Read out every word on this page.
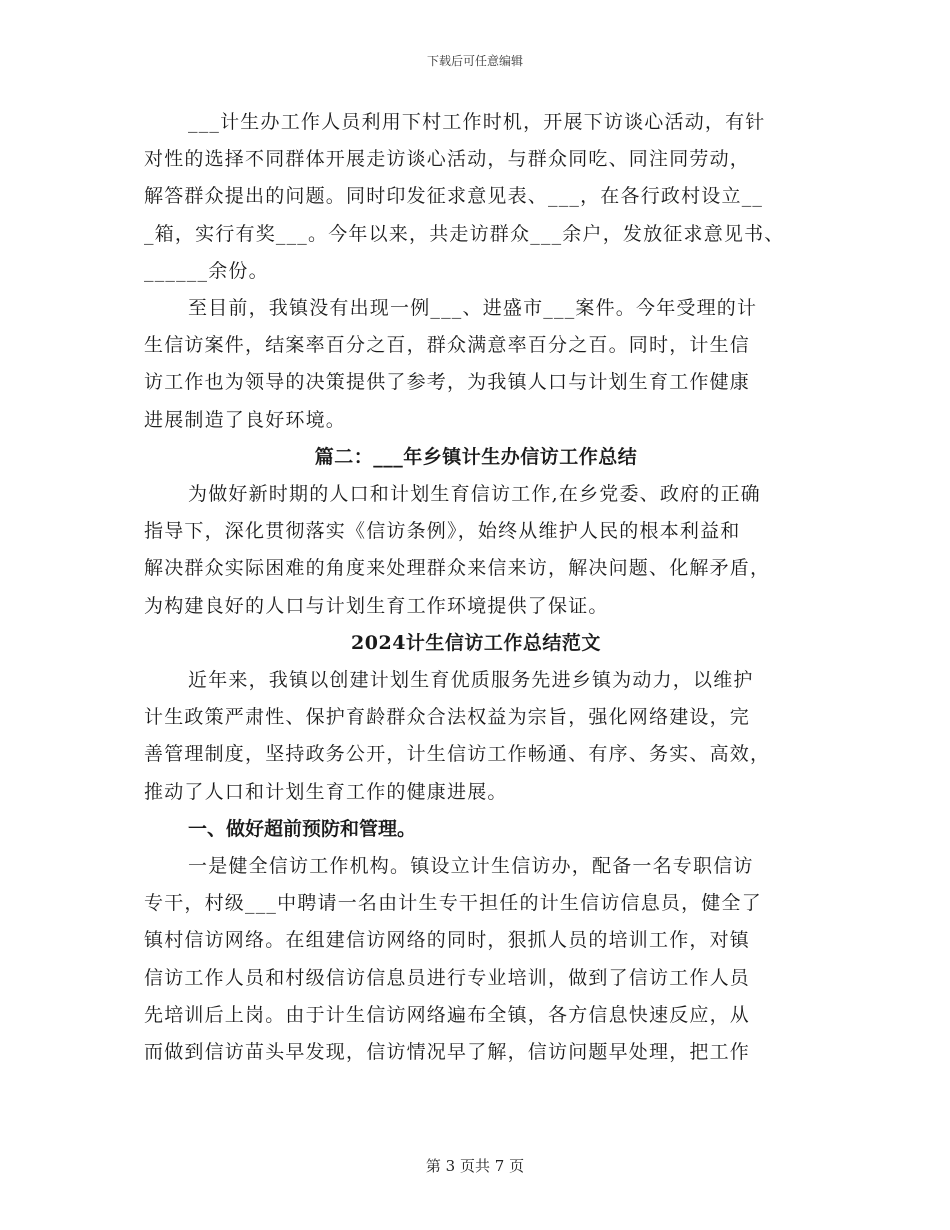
下载后可任意编辑
___计生办工作人员利用下村工作时机，开展下访谈心活动，有针
对性的选择不同群体开展走访谈心活动，与群众同吃、同注同劳动，
解答群众提出的问题。同时印发征求意见表、___，在各行政村设立__
_箱，实行有奖___。今年以来，共走访群众___余户，发放征求意见书、
______余份。
至目前，我镇没有出现一例___、进盛市___案件。今年受理的计
生信访案件，结案率百分之百，群众满意率百分之百。同时，计生信
访工作也为领导的决策提供了参考，为我镇人口与计划生育工作健康
进展制造了良好环境。
篇二：___年乡镇计生办信访工作总结
为做好新时期的人口和计划生育信访工作,在乡党委、政府的正确
指导下，深化贯彻落实《信访条例》，始终从维护人民的根本利益和
解决群众实际困难的角度来处理群众来信来访，解决问题、化解矛盾，
为构建良好的人口与计划生育工作环境提供了保证。
2024计生信访工作总结范文
近年来，我镇以创建计划生育优质服务先进乡镇为动力，以维护
计生政策严肃性、保护育龄群众合法权益为宗旨，强化网络建设，完
善管理制度，坚持政务公开，计生信访工作畅通、有序、务实、高效，
推动了人口和计划生育工作的健康进展。
一、做好超前预防和管理。
一是健全信访工作机构。镇设立计生信访办，配备一名专职信访
专干，村级___中聘请一名由计生专干担任的计生信访信息员，健全了
镇村信访网络。在组建信访网络的同时，狠抓人员的培训工作，对镇
信访工作人员和村级信访信息员进行专业培训，做到了信访工作人员
先培训后上岗。由于计生信访网络遍布全镇，各方信息快速反应，从
而做到信访苗头早发现，信访情况早了解，信访问题早处理，把工作
第 3 页共 7 页
